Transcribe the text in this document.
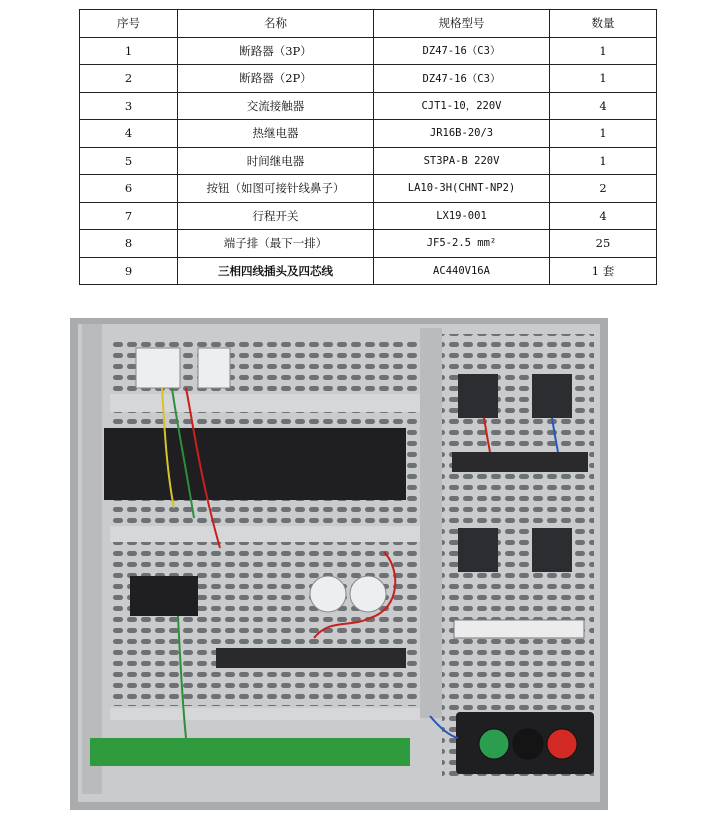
序号	名称	规格型号	数量
1	断路器（3P）	DZ47-16（C3）	1
2	断路器（2P）	DZ47-16（C3）	1
3	交流接触器	CJT1-10，220V	4
4	热继电器	JR16B-20/3	1
5	时间继电器	ST3PA-B 220V	1
6	按钮（如图可接针线鼻子）	LA10-3H(CHNT-NP2)	2
7	行程开关	LX19-001	4
8	端子排（最下一排）	JF5-2.5 mm²	25
9	三相四线插头及四芯线	AC440V16A	1 套
